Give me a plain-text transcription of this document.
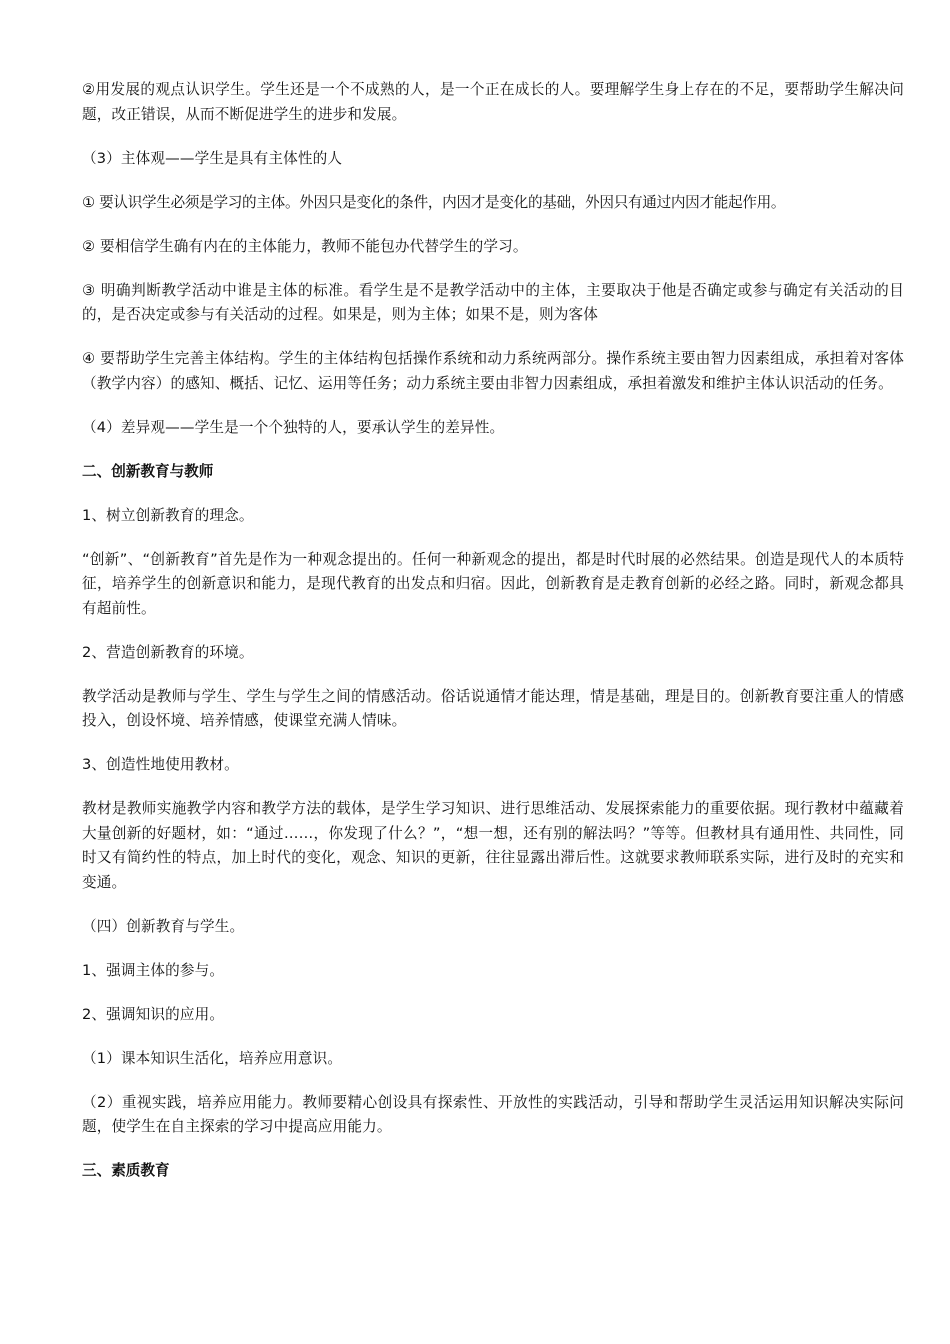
②用发展的观点认识学生。学生还是一个不成熟的人，是一个正在成长的人。要理解学生身上存在的不足，要帮助学生解决问题，改正错误，从而不断促进学生的进步和发展。
（3）主体观——学生是具有主体性的人
① 要认识学生必须是学习的主体。外因只是变化的条件，内因才是变化的基础，外因只有通过内因才能起作用。
② 要相信学生确有内在的主体能力，教师不能包办代替学生的学习。
③ 明确判断教学活动中谁是主体的标准。看学生是不是教学活动中的主体，主要取决于他是否确定或参与确定有关活动的目的，是否决定或参与有关活动的过程。如果是，则为主体；如果不是，则为客体
④ 要帮助学生完善主体结构。学生的主体结构包括操作系统和动力系统两部分。操作系统主要由智力因素组成，承担着对客体（教学内容）的感知、概括、记忆、运用等任务；动力系统主要由非智力因素组成，承担着激发和维护主体认识活动的任务。
（4）差异观——学生是一个个独特的人，要承认学生的差异性。
二、创新教育与教师
1、树立创新教育的理念。
“创新”、“创新教育”首先是作为一种观念提出的。任何一种新观念的提出，都是时代时展的必然结果。创造是现代人的本质特征，培养学生的创新意识和能力，是现代教育的出发点和归宿。因此，创新教育是走教育创新的必经之路。同时，新观念都具有超前性。
2、营造创新教育的环境。
教学活动是教师与学生、学生与学生之间的情感活动。俗话说通情才能达理，情是基础，理是目的。创新教育要注重人的情感投入，创设怀境、培养情感，使课堂充满人情味。
3、创造性地使用教材。
教材是教师实施教学内容和教学方法的载体，是学生学习知识、进行思维活动、发展探索能力的重要依据。现行教材中蕴藏着大量创新的好题材，如：“通过……，你发现了什么？”，“想一想，还有别的解法吗？”等等。但教材具有通用性、共同性，同时又有简约性的特点，加上时代的变化，观念、知识的更新，往往显露出滞后性。这就要求教师联系实际，进行及时的充实和变通。
（四）创新教育与学生。
1、强调主体的参与。
2、强调知识的应用。
（1）课本知识生活化，培养应用意识。
（2）重视实践，培养应用能力。教师要精心创设具有探索性、开放性的实践活动，引导和帮助学生灵活运用知识解决实际问题，使学生在自主探索的学习中提高应用能力。
三、素质教育
